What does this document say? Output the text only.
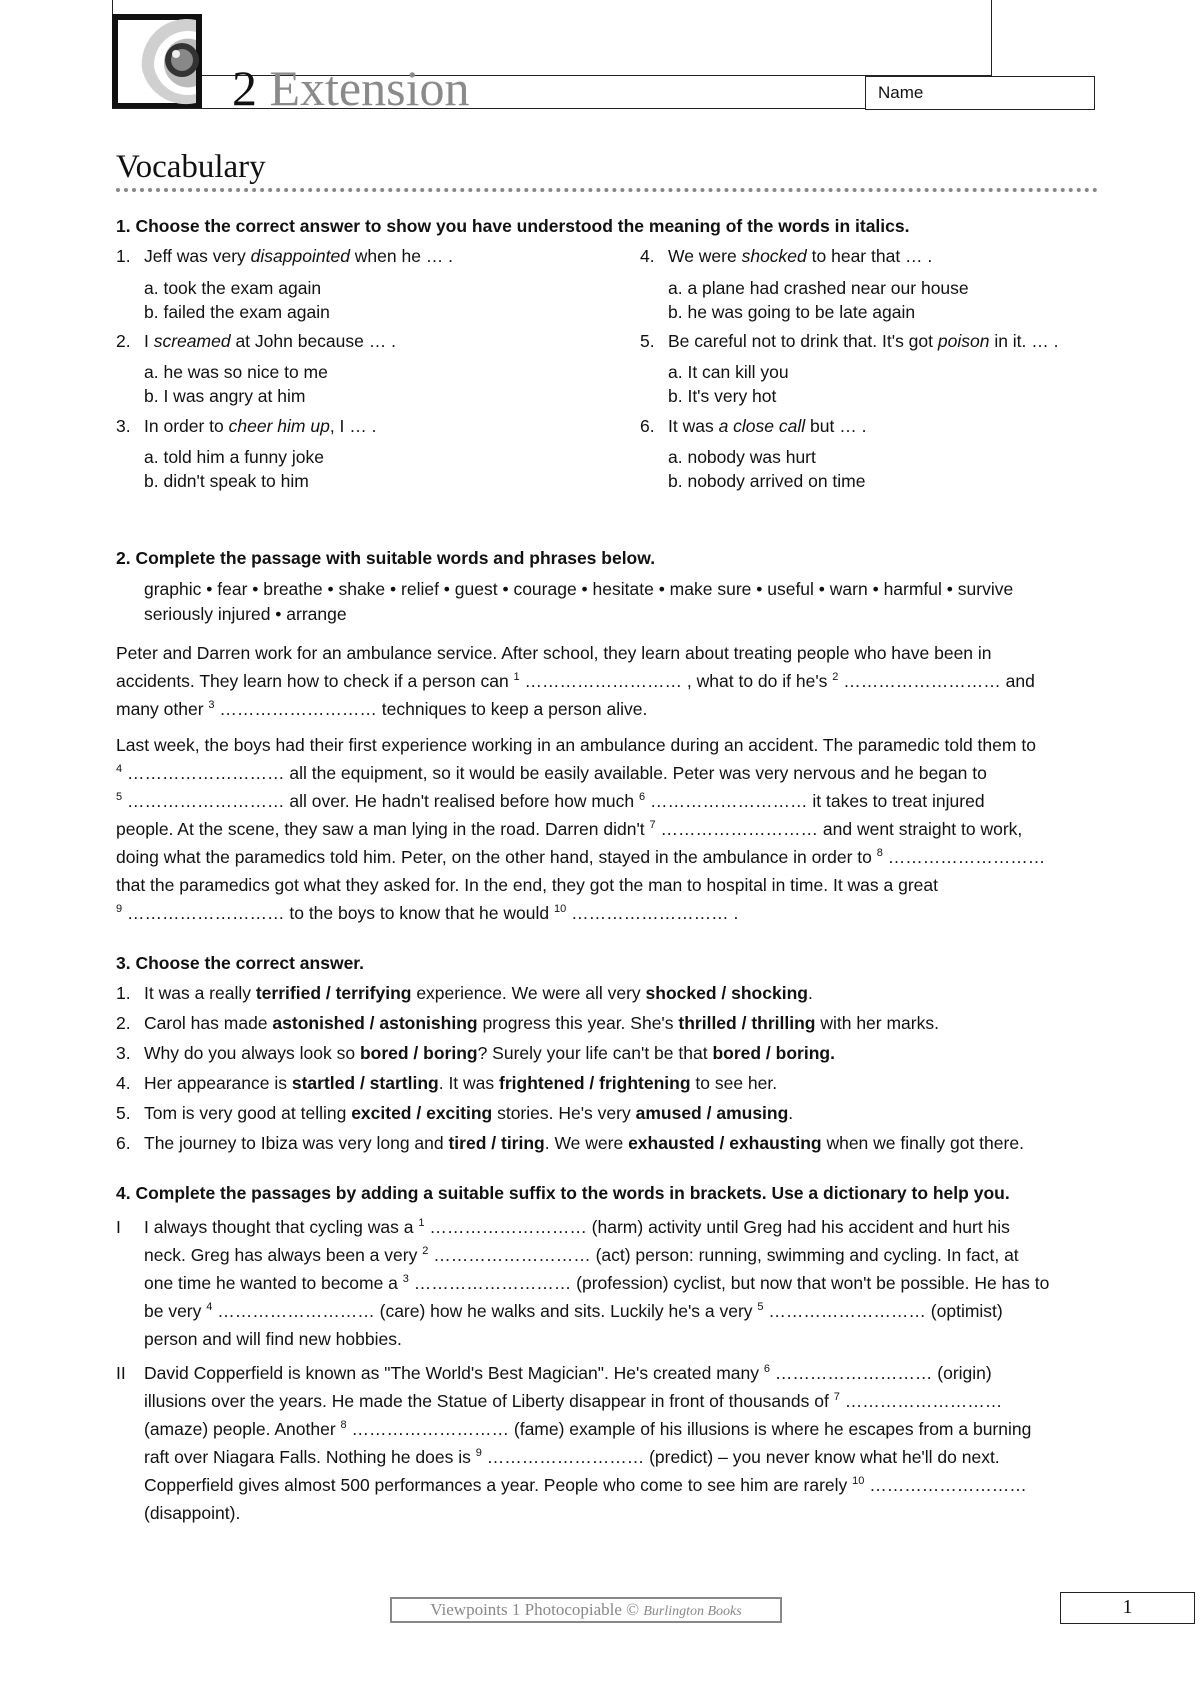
2 Extension	Name
Vocabulary
1. Choose the correct answer to show you have understood the meaning of the words in italics.
1. Jeff was very disappointed when he … .
a. took the exam again
b. failed the exam again
2. I screamed at John because … .
a. he was so nice to me
b. I was angry at him
3. In order to cheer him up, I … .
a. told him a funny joke
b. didn't speak to him
4. We were shocked to hear that … .
a. a plane had crashed near our house
b. he was going to be late again
5. Be careful not to drink that. It's got poison in it. … .
a. It can kill you
b. It's very hot
6. It was a close call but … .
a. nobody was hurt
b. nobody arrived on time
2. Complete the passage with suitable words and phrases below.
graphic • fear • breathe • shake • relief • guest • courage • hesitate • make sure • useful • warn • harmful • survive
seriously injured • arrange
Peter and Darren work for an ambulance service. After school, they learn about treating people who have been in
accidents. They learn how to check if a person can $^1$ ……………………… , what to do if he's $^2$ ……………………… and
many other $^3$ ……………………… techniques to keep a person alive.
Last week, the boys had their first experience working in an ambulance during an accident. The paramedic told them to
$^4$ ……………………… all the equipment, so it would be easily available. Peter was very nervous and he began to
$^5$ ……………………… all over. He hadn't realised before how much $^6$ ……………………… it takes to treat injured
people. At the scene, they saw a man lying in the road. Darren didn't $^7$ ……………………… and went straight to work,
doing what the paramedics told him. Peter, on the other hand, stayed in the ambulance in order to $^8$ ………………………
that the paramedics got what they asked for. In the end, they got the man to hospital in time. It was a great
$^9$ ……………………… to the boys to know that he would $^{10}$ ……………………… .
3. Choose the correct answer.
1. It was a really terrified / terrifying experience. We were all very shocked / shocking.
2. Carol has made astonished / astonishing progress this year. She's thrilled / thrilling with her marks.
3. Why do you always look so bored / boring? Surely your life can't be that bored / boring.
4. Her appearance is startled / startling. It was frightened / frightening to see her.
5. Tom is very good at telling excited / exciting stories. He's very amused / amusing.
6. The journey to Ibiza was very long and tired / tiring. We were exhausted / exhausting when we finally got there.
4. Complete the passages by adding a suitable suffix to the words in brackets. Use a dictionary to help you.
I I always thought that cycling was a $^1$ ……………………… (harm) activity until Greg had his accident and hurt his
neck. Greg has always been a very $^2$ ……………………… (act) person: running, swimming and cycling. In fact, at
one time he wanted to become a $^3$ ……………………… (profession) cyclist, but now that won't be possible. He has to
be very $^4$ ……………………… (care) how he walks and sits. Luckily he's a very $^5$ ……………………… (optimist)
person and will find new hobbies.
II David Copperfield is known as "The World's Best Magician". He's created many $^6$ ……………………… (origin)
illusions over the years. He made the Statue of Liberty disappear in front of thousands of $^7$ ………………………
(amaze) people. Another $^8$ ……………………… (fame) example of his illusions is where he escapes from a burning
raft over Niagara Falls. Nothing he does is $^9$ ……………………… (predict) – you never know what he'll do next.
Copperfield gives almost 500 performances a year. People who come to see him are rarely $^{10}$ ………………………
(disappoint).
Viewpoints 1 Photocopiable © Burlington Books	1
